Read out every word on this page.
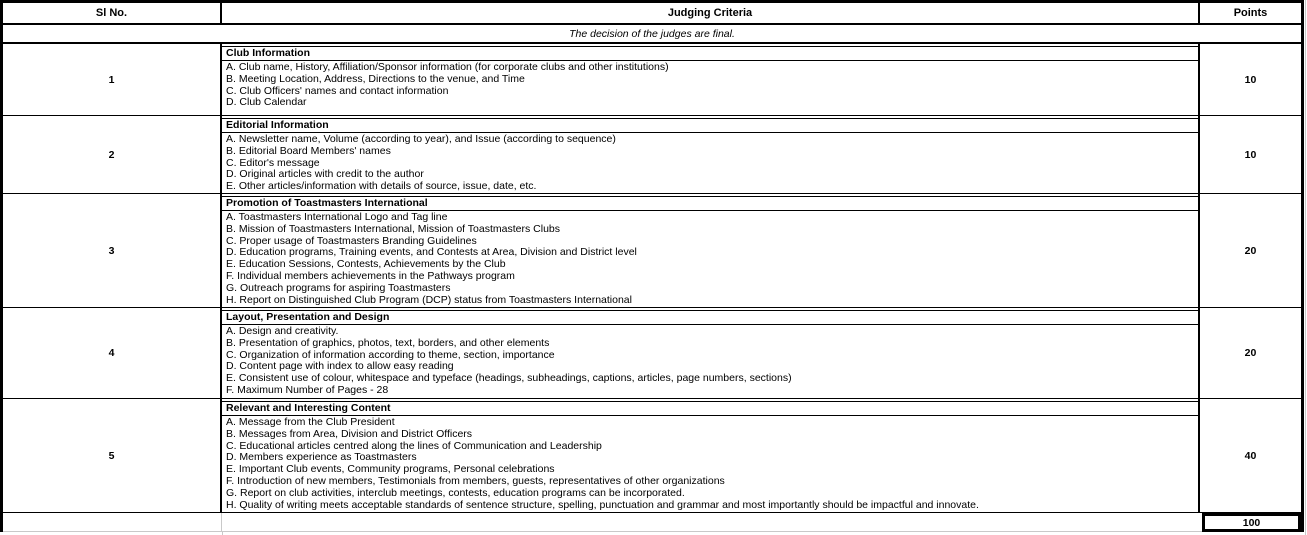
Sl No.	Judging Criteria	Points
The decision of the judges are final.
1
Club Information
A. Club name, History, Affiliation/Sponsor information (for corporate clubs and other institutions)
B. Meeting Location, Address, Directions to the venue, and Time
C. Club Officers' names and contact information
D. Club Calendar
10
2
Editorial Information
A. Newsletter name, Volume (according to year), and Issue (according to sequence)
B. Editorial Board Members' names
C. Editor's message
D. Original articles with credit to the author
E. Other articles/information with details of source, issue, date, etc.
10
3
Promotion of Toastmasters International
A. Toastmasters International Logo and Tag line
B. Mission of Toastmasters International, Mission of Toastmasters Clubs
C. Proper usage of Toastmasters Branding Guidelines
D. Education programs, Training events, and Contests at Area, Division and District level
E. Education Sessions, Contests, Achievements by the Club
F. Individual members achievements in the Pathways program
G. Outreach programs for aspiring Toastmasters
H. Report on Distinguished Club Program (DCP) status from Toastmasters International
20
4
Layout, Presentation and Design
A. Design and creativity.
B. Presentation of graphics, photos, text, borders, and other elements
C. Organization of information according to theme, section, importance
D. Content page with index to allow easy reading
E. Consistent use of colour, whitespace and typeface (headings, subheadings, captions, articles, page numbers, sections)
F. Maximum Number of Pages - 28
20
5
Relevant and Interesting Content
A. Message from the Club President
B. Messages from Area, Division and District Officers
C. Educational articles centred along the lines of Communication and Leadership
D. Members experience as Toastmasters
E. Important Club events, Community programs, Personal celebrations
F. Introduction of new members, Testimonials from members, guests, representatives of other organizations
G. Report on club activities, interclub meetings, contests, education programs can be incorporated.
H. Quality of writing meets acceptable standards of sentence structure, spelling, punctuation and grammar and most importantly should be impactful and innovate.
40
100
